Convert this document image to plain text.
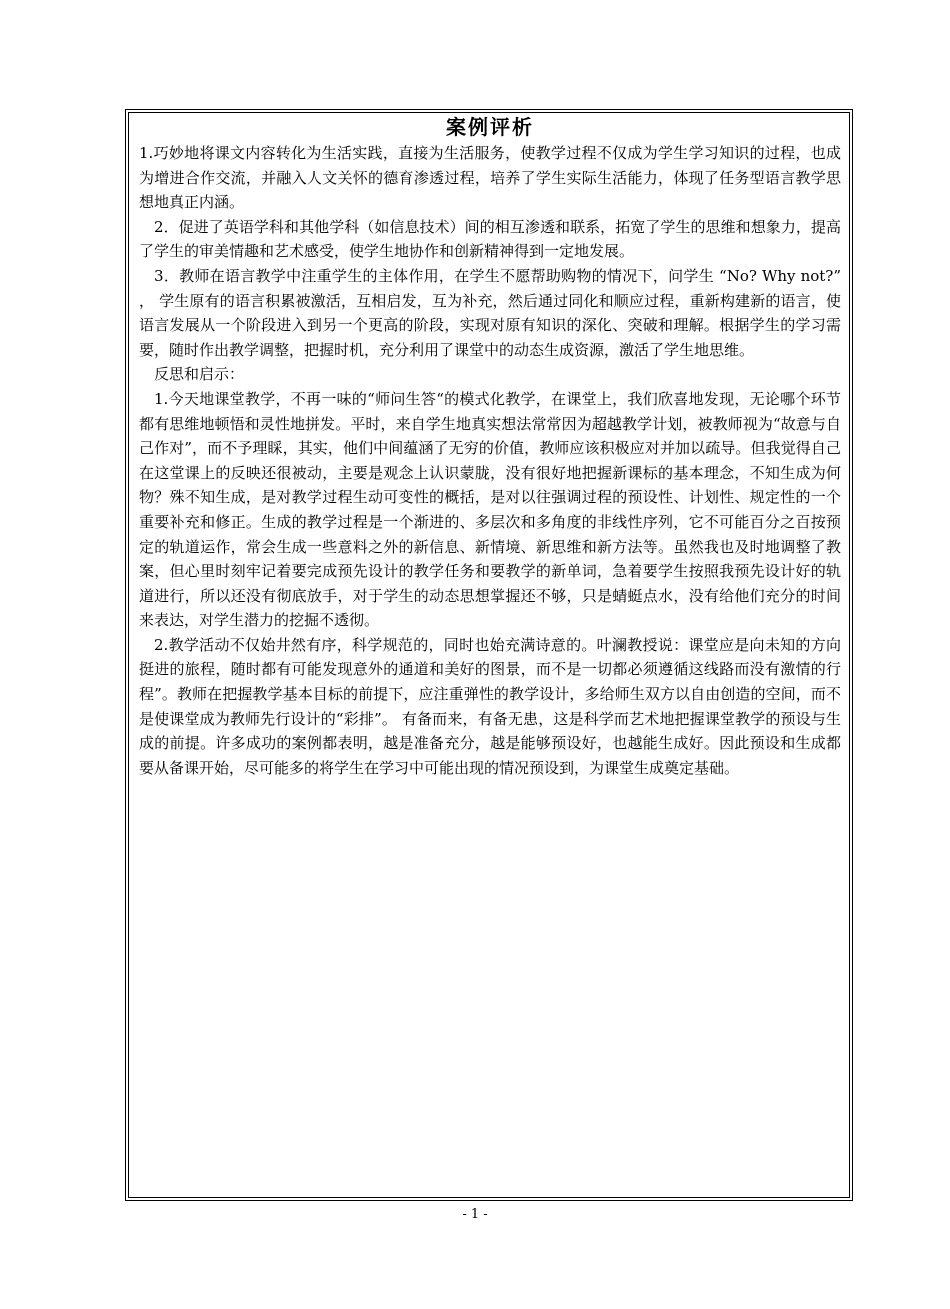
案例评析

1.巧妙地将课文内容转化为生活实践，直接为生活服务，使教学过程不仅成为学生学习知识的过程，也成为增进合作交流，并融入人文关怀的德育渗透过程，培养了学生实际生活能力，体现了任务型语言教学思想地真正内涵。

2．促进了英语学科和其他学科（如信息技术）间的相互渗透和联系，拓宽了学生的思维和想象力，提高了学生的审美情趣和艺术感受，使学生地协作和创新精神得到一定地发展。

3．教师在语言教学中注重学生的主体作用，在学生不愿帮助购物的情况下，问学生 “No? Why not?” ， 学生原有的语言积累被激活，互相启发，互为补充，然后通过同化和顺应过程，重新构建新的语言，使语言发展从一个阶段进入到另一个更高的阶段，实现对原有知识的深化、突破和理解。根据学生的学习需要，随时作出教学调整，把握时机，充分利用了课堂中的动态生成资源，激活了学生地思维。

反思和启示：

1.今天地课堂教学，不再一味的“师问生答“的模式化教学，在课堂上，我们欣喜地发现，无论哪个环节都有思维地顿悟和灵性地拼发。平时，来自学生地真实想法常常因为超越教学计划，被教师视为“故意与自己作对”，而不予理睬，其实，他们中间蕴涵了无穷的价值，教师应该积极应对并加以疏导。但我觉得自己在这堂课上的反映还很被动，主要是观念上认识蒙胧，没有很好地把握新课标的基本理念，不知生成为何物？殊不知生成，是对教学过程生动可变性的概括，是对以往强调过程的预设性、计划性、规定性的一个重要补充和修正。生成的教学过程是一个渐进的、多层次和多角度的非线性序列，它不可能百分之百按预定的轨道运作，常会生成一些意料之外的新信息、新情境、新思维和新方法等。虽然我也及时地调整了教案，但心里时刻牢记着要完成预先设计的教学任务和要教学的新单词，急着要学生按照我预先设计好的轨道进行，所以还没有彻底放手，对于学生的动态思想掌握还不够，只是蜻蜓点水，没有给他们充分的时间来表达，对学生潜力的挖掘不透彻。

2.教学活动不仅始井然有序，科学规范的，同时也始充满诗意的。叶澜教授说：课堂应是向未知的方向挺进的旅程，随时都有可能发现意外的通道和美好的图景，而不是一切都必须遵循这线路而没有激情的行程”。教师在把握教学基本目标的前提下，应注重弹性的教学设计，多给师生双方以自由创造的空间，而不是使课堂成为教师先行设计的“彩排”。 有备而来，有备无患，这是科学而艺术地把握课堂教学的预设与生成的前提。许多成功的案例都表明，越是准备充分，越是能够预设好，也越能生成好。因此预设和生成都要从备课开始，尽可能多的将学生在学习中可能出现的情况预设到，为课堂生成奠定基础。

- 1 -
